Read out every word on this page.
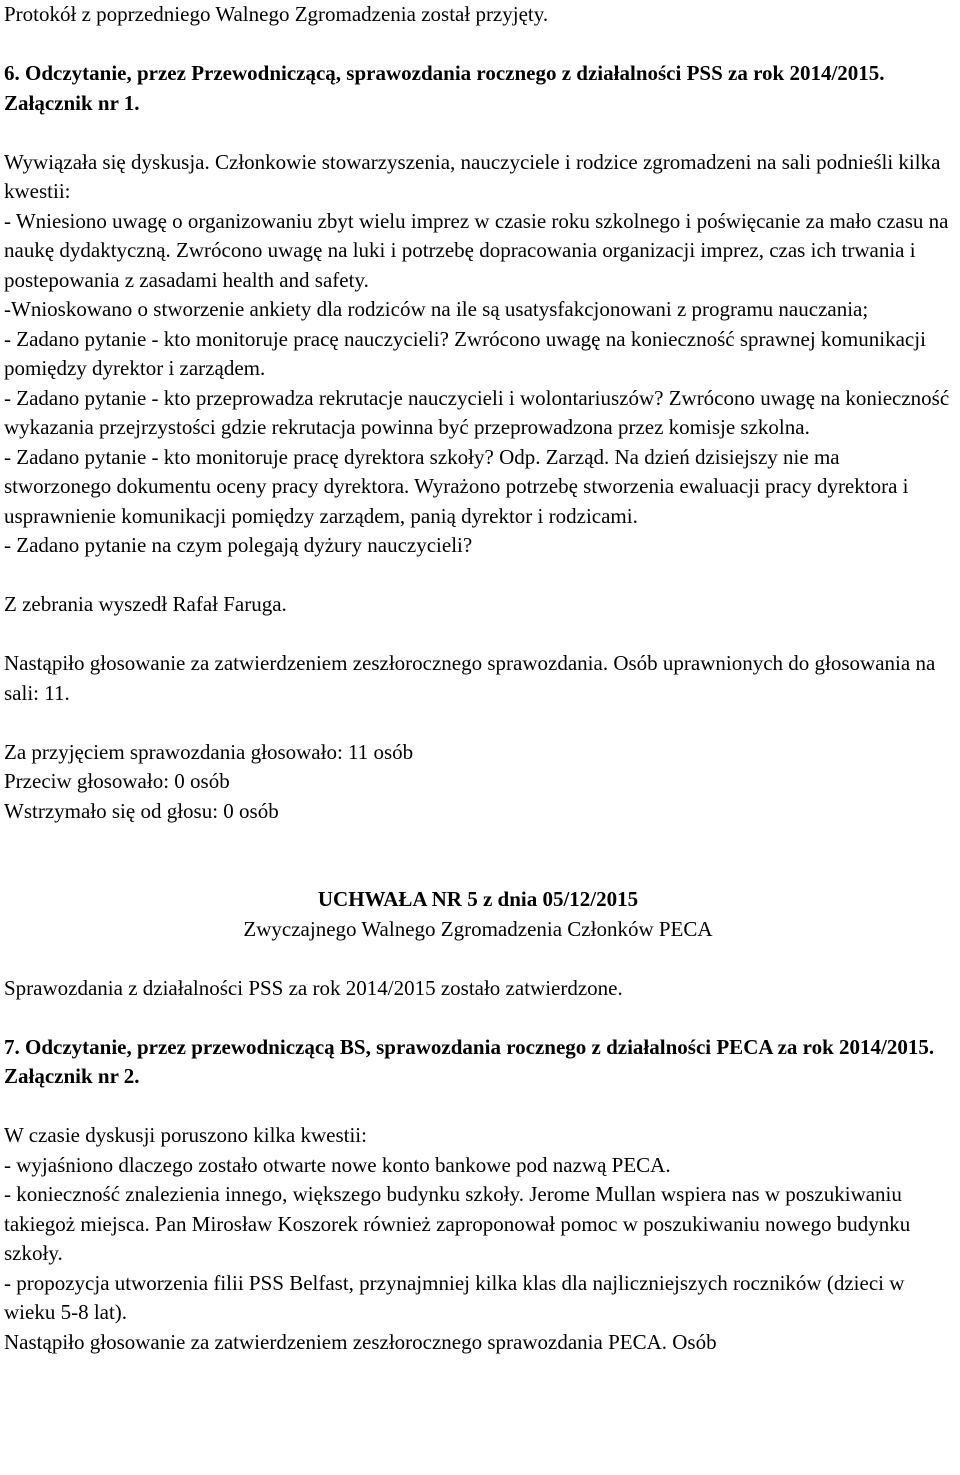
Protokół z poprzedniego Walnego Zgromadzenia został przyjęty.

6. Odczytanie, przez Przewodniczącą, sprawozdania rocznego z działalności PSS za rok 2014/2015. Załącznik nr 1.

Wywiązała się dyskusja. Członkowie stowarzyszenia, nauczyciele i rodzice zgromadzeni na sali podnieśli kilka kwestii:

- Wniesiono uwagę o organizowaniu zbyt wielu imprez w czasie roku szkolnego i poświęcanie za mało czasu na naukę dydaktyczną. Zwrócono uwagę na luki i potrzebę dopracowania organizacji imprez, czas ich trwania i postepowania z zasadami health and safety.

-Wnioskowano o stworzenie ankiety dla rodziców na ile są usatysfakcjonowani z programu nauczania;

- Zadano pytanie - kto monitoruje pracę nauczycieli? Zwrócono uwagę na konieczność sprawnej komunikacji pomiędzy dyrektor i zarządem.

- Zadano pytanie - kto przeprowadza rekrutacje nauczycieli i wolontariuszów? Zwrócono uwagę na konieczność wykazania przejrzystości gdzie rekrutacja powinna być przeprowadzona przez komisje szkolna.

- Zadano pytanie - kto monitoruje pracę dyrektora szkoły? Odp. Zarząd. Na dzień dzisiejszy nie ma stworzonego dokumentu oceny pracy dyrektora. Wyrażono potrzebę stworzenia ewaluacji pracy dyrektora i usprawnienie komunikacji pomiędzy zarządem, panią dyrektor i rodzicami.

- Zadano pytanie na czym polegają dyżury nauczycieli?

Z zebrania wyszedł Rafał Faruga.

Nastąpiło głosowanie za zatwierdzeniem zeszłorocznego sprawozdania. Osób uprawnionych do głosowania na sali: 11.

Za przyjęciem sprawozdania głosowało: 11 osób
Przeciw głosowało: 0 osób
Wstrzymało się od głosu: 0 osób

UCHWAŁA NR 5 z dnia 05/12/2015

Zwyczajnego Walnego Zgromadzenia Członków PECA

Sprawozdania z działalności PSS za rok 2014/2015 zostało zatwierdzone.

7. Odczytanie, przez przewodniczącą BS, sprawozdania rocznego z działalności PECA za rok 2014/2015. Załącznik nr 2.

W czasie dyskusji poruszono kilka kwestii:

- wyjaśniono dlaczego zostało otwarte nowe konto bankowe pod nazwą PECA.

- konieczność znalezienia innego, większego budynku szkoły. Jerome Mullan wspiera nas w poszukiwaniu takiegoż miejsca. Pan Mirosław Koszorek również zaproponował pomoc w poszukiwaniu nowego budynku szkoły.

- propozycja utworzenia filii PSS Belfast, przynajmniej kilka klas dla najliczniejszych roczników (dzieci w wieku 5-8 lat).

Nastąpiło głosowanie za zatwierdzeniem zeszłorocznego sprawozdania PECA. Osób
